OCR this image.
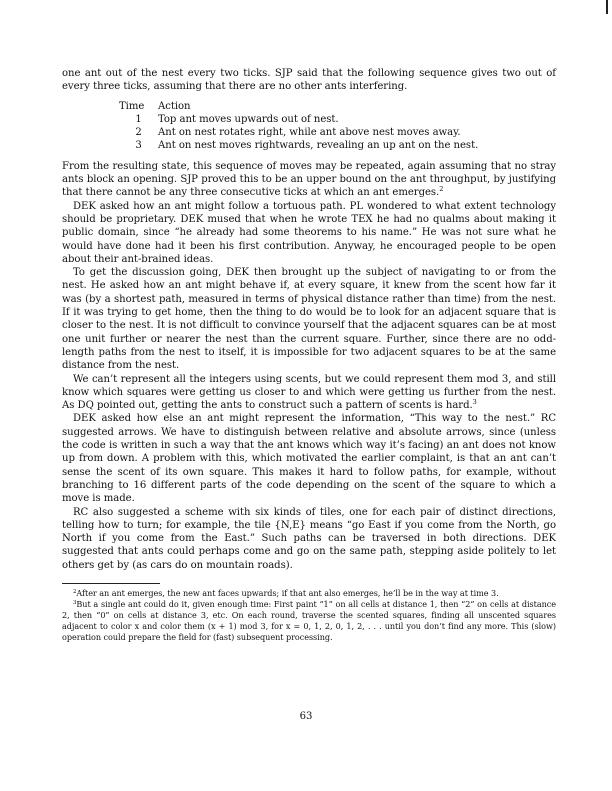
one ant out of the nest every two ticks. SJP said that the following sequence gives two out of every three ticks, assuming that there are no other ants interfering.

Time	Action
1	Top ant moves upwards out of nest.
2	Ant on nest rotates right, while ant above nest moves away.
3	Ant on nest moves rightwards, revealing an up ant on the nest.

From the resulting state, this sequence of moves may be repeated, again assuming that no stray ants block an opening. SJP proved this to be an upper bound on the ant throughput, by justifying that there cannot be any three consecutive ticks at which an ant emerges.$^2$

DEK asked how an ant might follow a tortuous path. PL wondered to what extent technology should be proprietary. DEK mused that when he wrote TEX he had no qualms about making it public domain, since “he already had some theorems to his name.” He was not sure what he would have done had it been his first contribution. Anyway, he encouraged people to be open about their ant-brained ideas.

To get the discussion going, DEK then brought up the subject of navigating to or from the nest. He asked how an ant might behave if, at every square, it knew from the scent how far it was (by a shortest path, measured in terms of physical distance rather than time) from the nest. If it was trying to get home, then the thing to do would be to look for an adjacent square that is closer to the nest. It is not difficult to convince yourself that the adjacent squares can be at most one unit further or nearer the nest than the current square. Further, since there are no odd-length paths from the nest to itself, it is impossible for two adjacent squares to be at the same distance from the nest.

We can’t represent all the integers using scents, but we could represent them mod 3, and still know which squares were getting us closer to and which were getting us further from the nest. As DQ pointed out, getting the ants to construct such a pattern of scents is hard.$^3$

DEK asked how else an ant might represent the information, “This way to the nest.” RC suggested arrows. We have to distinguish between relative and absolute arrows, since (unless the code is written in such a way that the ant knows which way it’s facing) an ant does not know up from down. A problem with this, which motivated the earlier complaint, is that an ant can’t sense the scent of its own square. This makes it hard to follow paths, for example, without branching to 16 different parts of the code depending on the scent of the square to which a move is made.

RC also suggested a scheme with six kinds of tiles, one for each pair of distinct directions, telling how to turn; for example, the tile {N,E} means “go East if you come from the North, go North if you come from the East.” Such paths can be traversed in both directions. DEK suggested that ants could perhaps come and go on the same path, stepping aside politely to let others get by (as cars do on mountain roads).

$^2$After an ant emerges, the new ant faces upwards; if that ant also emerges, he’ll be in the way at time 3.

$^3$But a single ant could do it, given enough time: First paint “1” on all cells at distance 1, then “2” on cells at distance 2, then “0” on cells at distance 3, etc. On each round, traverse the scented squares, finding all unscented squares adjacent to color x and color them (x + 1) mod 3, for x = 0, 1, 2, 0, 1, 2, . . . until you don’t find any more. This (slow) operation could prepare the field for (fast) subsequent processing.

63
